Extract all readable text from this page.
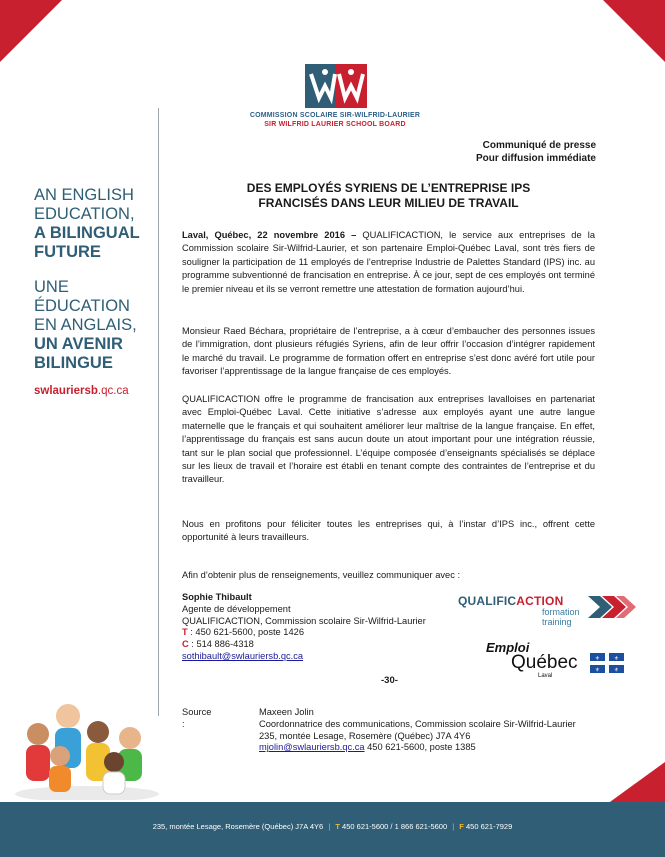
COMMISSION SCOLAIRE SIR-WILFRID-LAURIER
SIR WILFRID LAURIER SCHOOL BOARD
AN ENGLISH
EDUCATION,
A BILINGUAL
FUTURE
UNE
ÉDUCATION
EN ANGLAIS,
UN AVENIR
BILINGUE
swlauriersb.qc.ca
Communiqué de presse
Pour diffusion immédiate
DES EMPLOYÉS SYRIENS DE L’ENTREPRISE IPS
FRANCISÉS DANS LEUR MILIEU DE TRAVAIL

Laval, Québec, 22 novembre 2016 – QUALIFICACTION, le service aux entreprises de la Commission scolaire Sir-Wilfrid-Laurier, et son partenaire Emploi-Québec Laval, sont très fiers de souligner la participation de 11 employés de l’entreprise Industrie de Palettes Standard (IPS) inc. au programme subventionné de francisation en entreprise. À ce jour, sept de ces employés ont terminé le premier niveau et ils se verront remettre une attestation de formation aujourd’hui.

Monsieur Raed Béchara, propriétaire de l’entreprise, a à cœur d’embaucher des personnes issues de l’immigration, dont plusieurs réfugiés Syriens, afin de leur offrir l’occasion d’intégrer rapidement le marché du travail. Le programme de formation offert en entreprise s’est donc avéré fort utile pour favoriser l’apprentissage de la langue française de ces employés.

QUALIFICACTION offre le programme de francisation aux entreprises lavalloises en partenariat avec Emploi-Québec Laval. Cette initiative s’adresse aux employés ayant une autre langue maternelle que le français et qui souhaitent améliorer leur maîtrise de la langue française. En effet, l’apprentissage du français est sans aucun doute un atout important pour une intégration réussie, tant sur le plan social que professionnel. L’équipe composée d’enseignants spécialisés se déplace sur les lieux de travail et l’horaire est établi en tenant compte des contraintes de l’entreprise et du travailleur.

Nous en profitons pour féliciter toutes les entreprises qui, à l’instar d’IPS inc., offrent cette opportunité à leurs travailleurs.

Afin d’obtenir plus de renseignements, veuillez communiquer avec :

Sophie Thibault
Agente de développement
QUALIFICACTION, Commission scolaire Sir-Wilfrid-Laurier
T : 450 621-5600, poste 1426
C : 514 886-4318
sothibault@swlauriersb.qc.ca
-30-
Source :
Maxeen Jolin
Coordonnatrice des communications, Commission scolaire Sir-Wilfrid-Laurier
235, montée Lesage, Rosemère (Québec) J7A 4Y6
mjolin@swlauriersb.qc.ca 450 621-5600, poste 1385
QUALIFICACTION
formation
training
Emploi
Québec
Laval
⚜	⚜
⚜	⚜
235, montée Lesage, Rosemère (Québec) J7A 4Y6 | T 450 621-5600 / 1 866 621-5600 | F 450 621-7929
